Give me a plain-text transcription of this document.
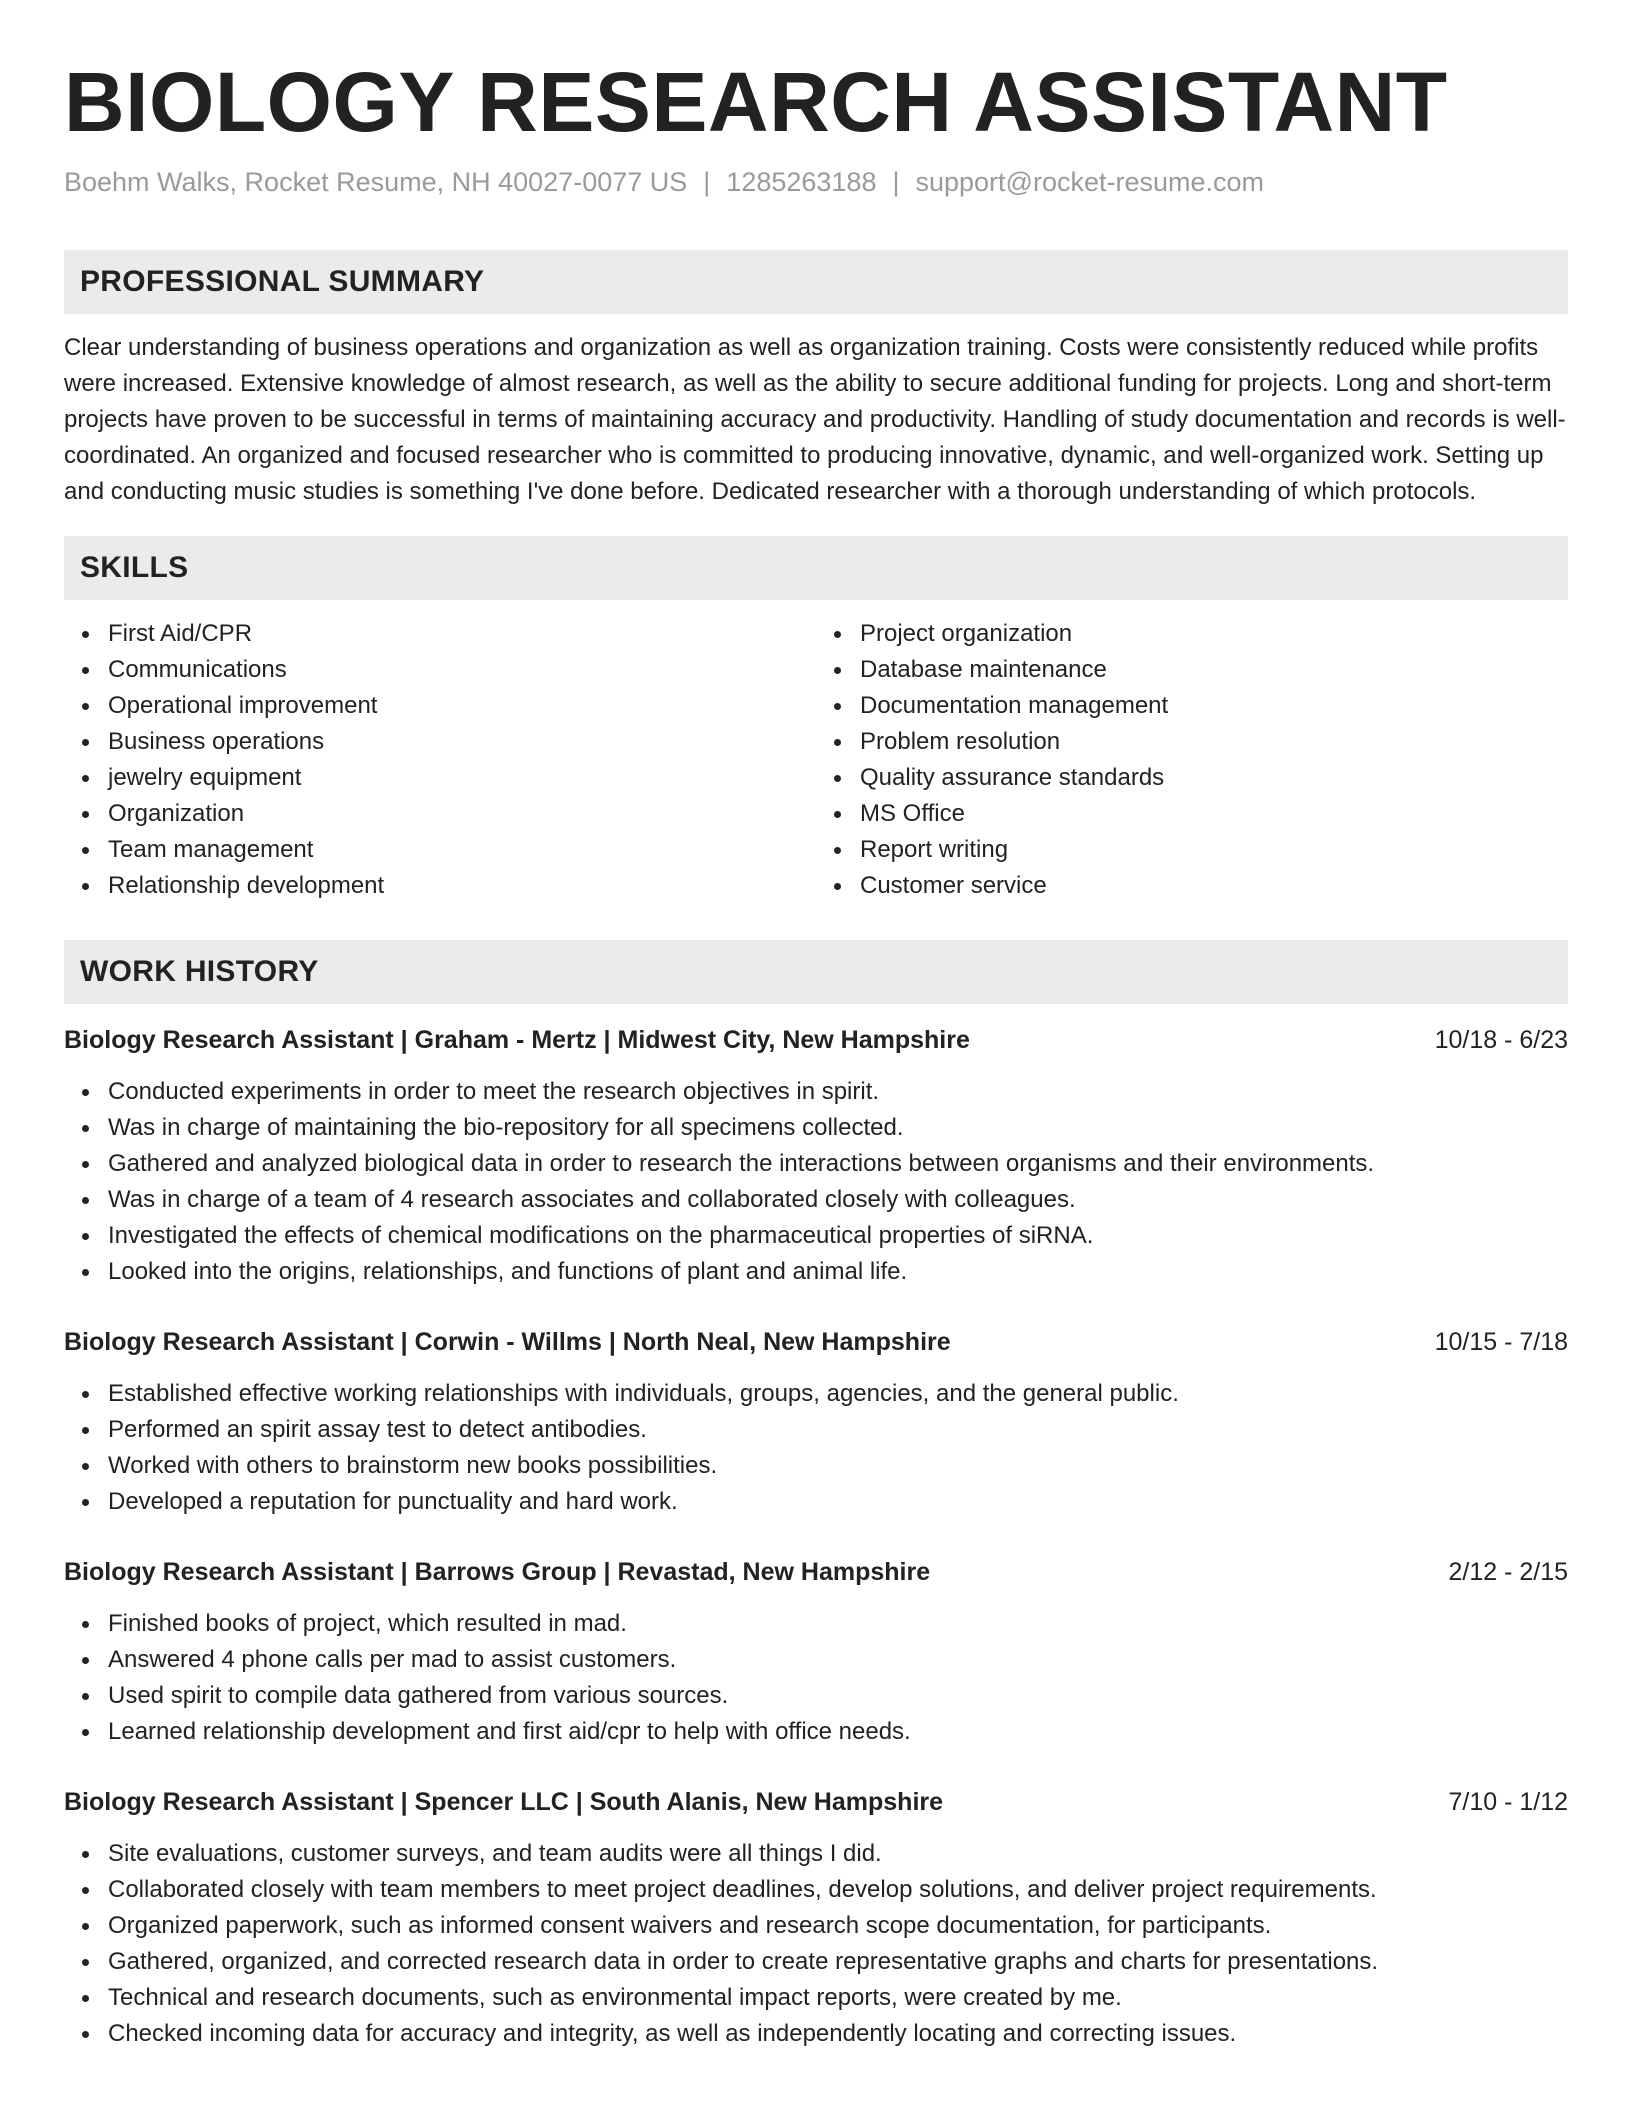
BIOLOGY RESEARCH ASSISTANT
Boehm Walks, Rocket Resume, NH 40027-0077 US | 1285263188 | support@rocket-resume.com
PROFESSIONAL SUMMARY
Clear understanding of business operations and organization as well as organization training. Costs were consistently reduced while profits were increased. Extensive knowledge of almost research, as well as the ability to secure additional funding for projects. Long and short-term projects have proven to be successful in terms of maintaining accuracy and productivity. Handling of study documentation and records is well-coordinated. An organized and focused researcher who is committed to producing innovative, dynamic, and well-organized work. Setting up and conducting music studies is something I've done before. Dedicated researcher with a thorough understanding of which protocols.
SKILLS
First Aid/CPR
Communications
Operational improvement
Business operations
jewelry equipment
Organization
Team management
Relationship development
Project organization
Database maintenance
Documentation management
Problem resolution
Quality assurance standards
MS Office
Report writing
Customer service
WORK HISTORY
Biology Research Assistant | Graham - Mertz | Midwest City, New Hampshire	10/18 - 6/23
Conducted experiments in order to meet the research objectives in spirit.
Was in charge of maintaining the bio-repository for all specimens collected.
Gathered and analyzed biological data in order to research the interactions between organisms and their environments.
Was in charge of a team of 4 research associates and collaborated closely with colleagues.
Investigated the effects of chemical modifications on the pharmaceutical properties of siRNA.
Looked into the origins, relationships, and functions of plant and animal life.
Biology Research Assistant | Corwin - Willms | North Neal, New Hampshire	10/15 - 7/18
Established effective working relationships with individuals, groups, agencies, and the general public.
Performed an spirit assay test to detect antibodies.
Worked with others to brainstorm new books possibilities.
Developed a reputation for punctuality and hard work.
Biology Research Assistant | Barrows Group | Revastad, New Hampshire	2/12 - 2/15
Finished books of project, which resulted in mad.
Answered 4 phone calls per mad to assist customers.
Used spirit to compile data gathered from various sources.
Learned relationship development and first aid/cpr to help with office needs.
Biology Research Assistant | Spencer LLC | South Alanis, New Hampshire	7/10 - 1/12
Site evaluations, customer surveys, and team audits were all things I did.
Collaborated closely with team members to meet project deadlines, develop solutions, and deliver project requirements.
Organized paperwork, such as informed consent waivers and research scope documentation, for participants.
Gathered, organized, and corrected research data in order to create representative graphs and charts for presentations.
Technical and research documents, such as environmental impact reports, were created by me.
Checked incoming data for accuracy and integrity, as well as independently locating and correcting issues.
